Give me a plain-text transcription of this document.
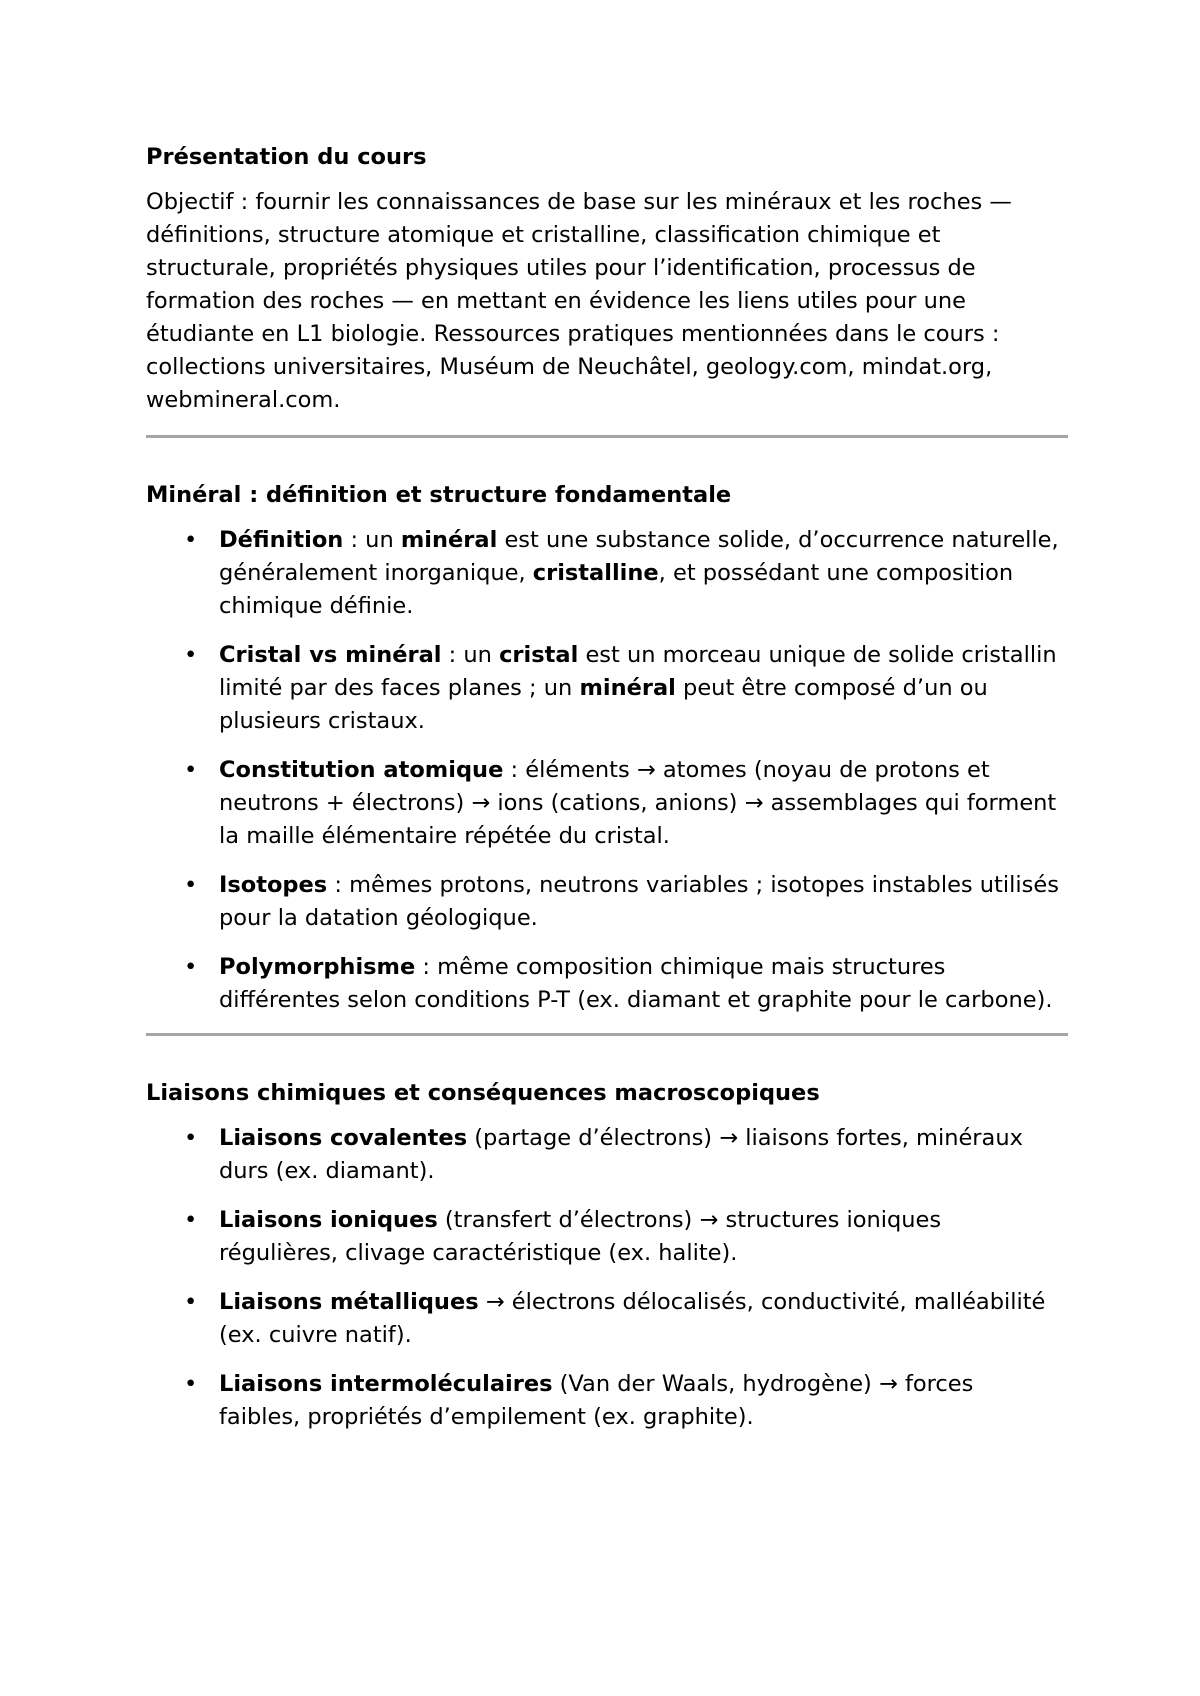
Présentation du cours

Objectif : fournir les connaissances de base sur les minéraux et les roches — définitions, structure atomique et cristalline, classification chimique et structurale, propriétés physiques utiles pour l’identification, processus de formation des roches — en mettant en évidence les liens utiles pour une étudiante en L1 biologie. Ressources pratiques mentionnées dans le cours : collections universitaires, Muséum de Neuchâtel, geology.com, mindat.org, webmineral.com.

Minéral : définition et structure fondamentale
• Définition : un minéral est une substance solide, d’occurrence naturelle, généralement inorganique, cristalline, et possédant une composition chimique définie.
• Cristal vs minéral : un cristal est un morceau unique de solide cristallin limité par des faces planes ; un minéral peut être composé d’un ou plusieurs cristaux.
• Constitution atomique : éléments → atomes (noyau de protons et neutrons + électrons) → ions (cations, anions) → assemblages qui forment la maille élémentaire répétée du cristal.
• Isotopes : mêmes protons, neutrons variables ; isotopes instables utilisés pour la datation géologique.
• Polymorphisme : même composition chimique mais structures différentes selon conditions P-T (ex. diamant et graphite pour le carbone).
Liaisons chimiques et conséquences macroscopiques
• Liaisons covalentes (partage d’électrons) → liaisons fortes, minéraux durs (ex. diamant).
• Liaisons ioniques (transfert d’électrons) → structures ioniques régulières, clivage caractéristique (ex. halite).
• Liaisons métalliques → électrons délocalisés, conductivité, malléabilité (ex. cuivre natif).
• Liaisons intermoléculaires (Van der Waals, hydrogène) → forces faibles, propriétés d’empilement (ex. graphite).
